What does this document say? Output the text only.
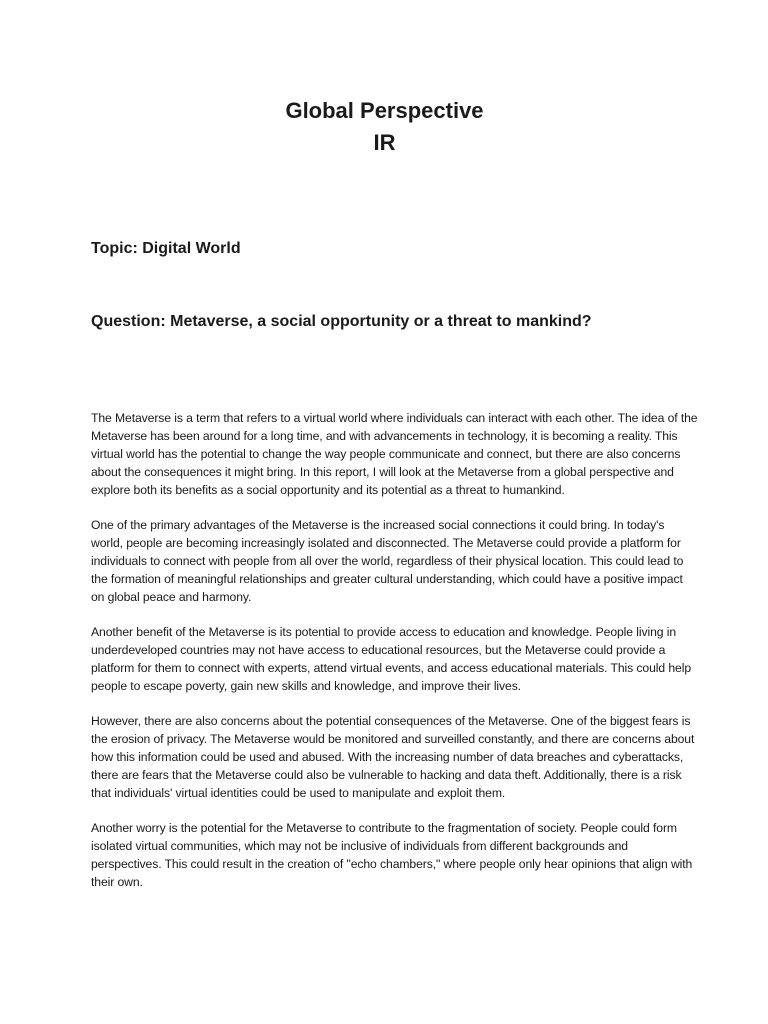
Global Perspective

IR

Topic: Digital World

Question: Metaverse, a social opportunity or a threat to mankind?

The Metaverse is a term that refers to a virtual world where individuals can interact with each other. The idea of the Metaverse has been around for a long time, and with advancements in technology, it is becoming a reality. This virtual world has the potential to change the way people communicate and connect, but there are also concerns about the consequences it might bring. In this report, I will look at the Metaverse from a global perspective and explore both its benefits as a social opportunity and its potential as a threat to humankind.

One of the primary advantages of the Metaverse is the increased social connections it could bring. In today's world, people are becoming increasingly isolated and disconnected. The Metaverse could provide a platform for individuals to connect with people from all over the world, regardless of their physical location. This could lead to the formation of meaningful relationships and greater cultural understanding, which could have a positive impact on global peace and harmony.

Another benefit of the Metaverse is its potential to provide access to education and knowledge. People living in underdeveloped countries may not have access to educational resources, but the Metaverse could provide a platform for them to connect with experts, attend virtual events, and access educational materials. This could help people to escape poverty, gain new skills and knowledge, and improve their lives.

However, there are also concerns about the potential consequences of the Metaverse. One of the biggest fears is the erosion of privacy. The Metaverse would be monitored and surveilled constantly, and there are concerns about how this information could be used and abused. With the increasing number of data breaches and cyberattacks, there are fears that the Metaverse could also be vulnerable to hacking and data theft. Additionally, there is a risk that individuals' virtual identities could be used to manipulate and exploit them.

Another worry is the potential for the Metaverse to contribute to the fragmentation of society. People could form isolated virtual communities, which may not be inclusive of individuals from different backgrounds and perspectives. This could result in the creation of "echo chambers," where people only hear opinions that align with their own.
